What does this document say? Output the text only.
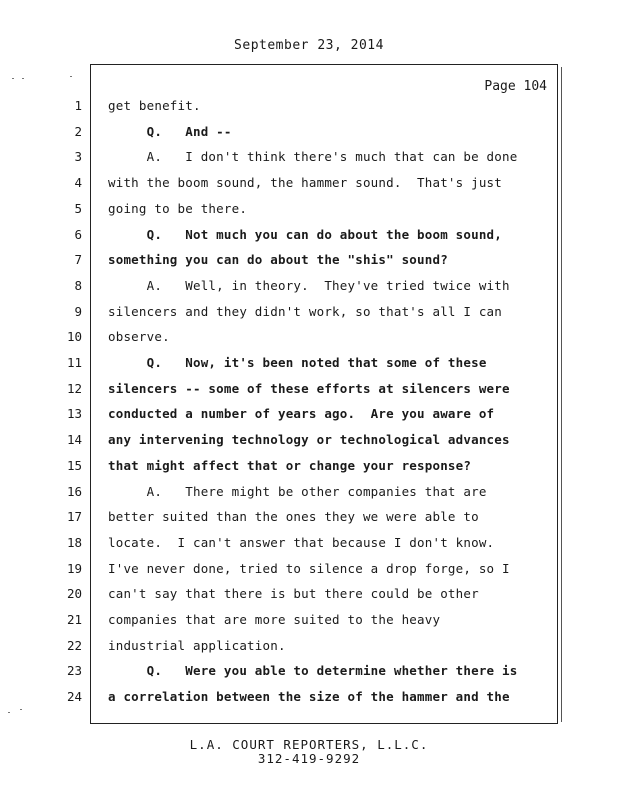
September 23, 2014
Page 104
1 get benefit.
2 Q.   And --
3 A.   I don't think there's much that can be done
4 with the boom sound, the hammer sound.  That's just
5 going to be there.
6 Q.   Not much you can do about the boom sound,
7 something you can do about the "shis" sound?
8 A.   Well, in theory.  They've tried twice with
9 silencers and they didn't work, so that's all I can
10 observe.
11 Q.   Now, it's been noted that some of these
12 silencers -- some of these efforts at silencers were
13 conducted a number of years ago.  Are you aware of
14 any intervening technology or technological advances
15 that might affect that or change your response?
16 A.   There might be other companies that are
17 better suited than the ones they we were able to
18 locate.  I can't answer that because I don't know.
19 I've never done, tried to silence a drop forge, so I
20 can't say that there is but there could be other
21 companies that are more suited to the heavy
22 industrial application.
23 Q.   Were you able to determine whether there is
24 a correlation between the size of the hammer and the
L.A. COURT REPORTERS, L.L.C.
312-419-9292
